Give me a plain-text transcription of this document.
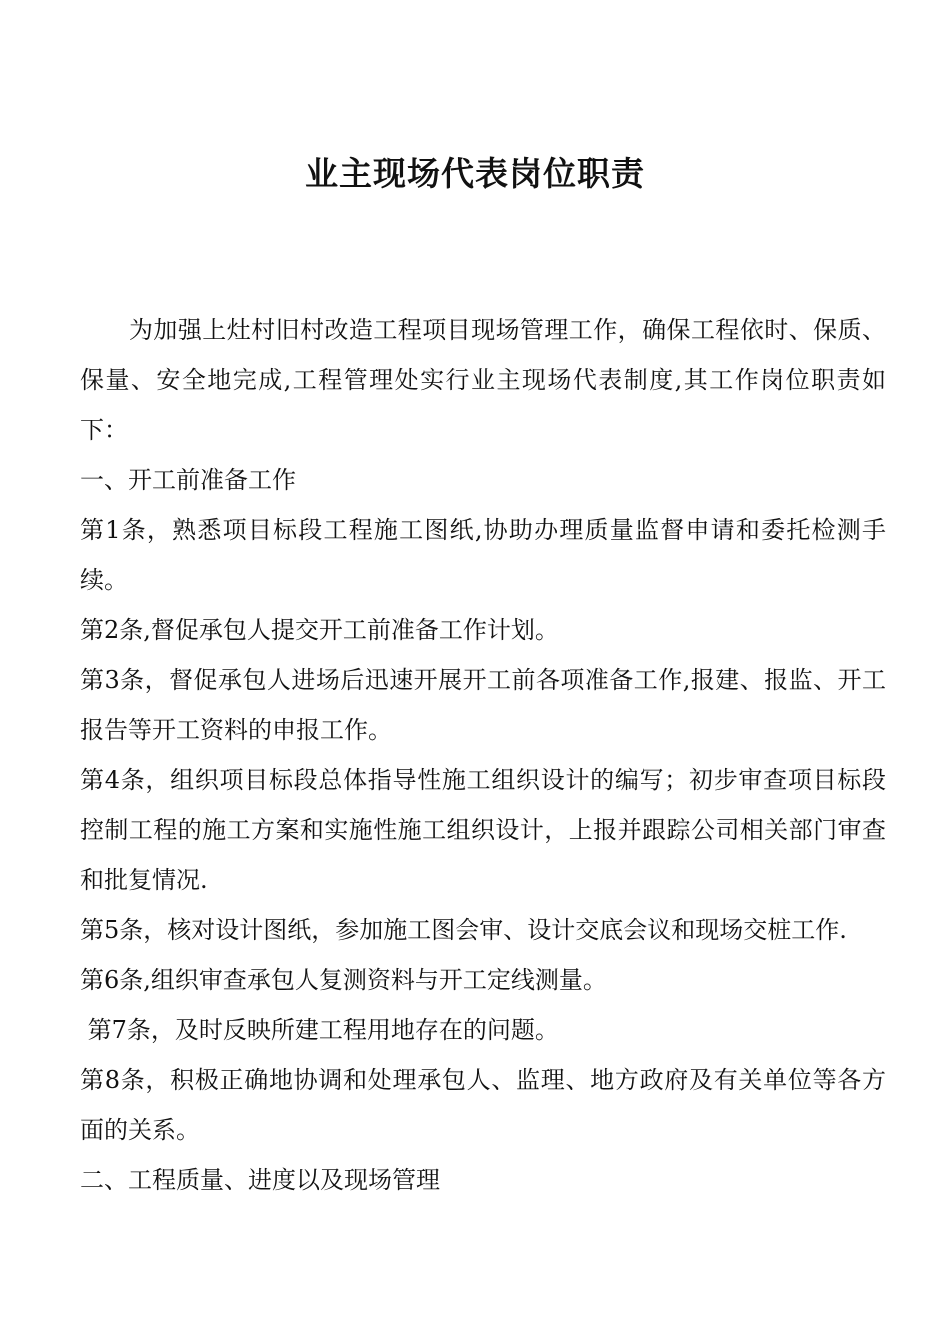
业主现场代表岗位职责

为加强上灶村旧村改造工程项目现场管理工作，确保工程依时、保质、保量、安全地完成,工程管理处实行业主现场代表制度,其工作岗位职责如下：

一、开工前准备工作

第1条，熟悉项目标段工程施工图纸,协助办理质量监督申请和委托检测手续。

第2条,督促承包人提交开工前准备工作计划。

第3条，督促承包人进场后迅速开展开工前各项准备工作,报建、报监、开工报告等开工资料的申报工作。

第4条，组织项目标段总体指导性施工组织设计的编写；初步审查项目标段控制工程的施工方案和实施性施工组织设计，上报并跟踪公司相关部门审查和批复情况.

第5条，核对设计图纸，参加施工图会审、设计交底会议和现场交桩工作.

第6条,组织审查承包人复测资料与开工定线测量。

第7条，及时反映所建工程用地存在的问题。

第8条，积极正确地协调和处理承包人、监理、地方政府及有关单位等各方面的关系。

二、工程质量、进度以及现场管理
